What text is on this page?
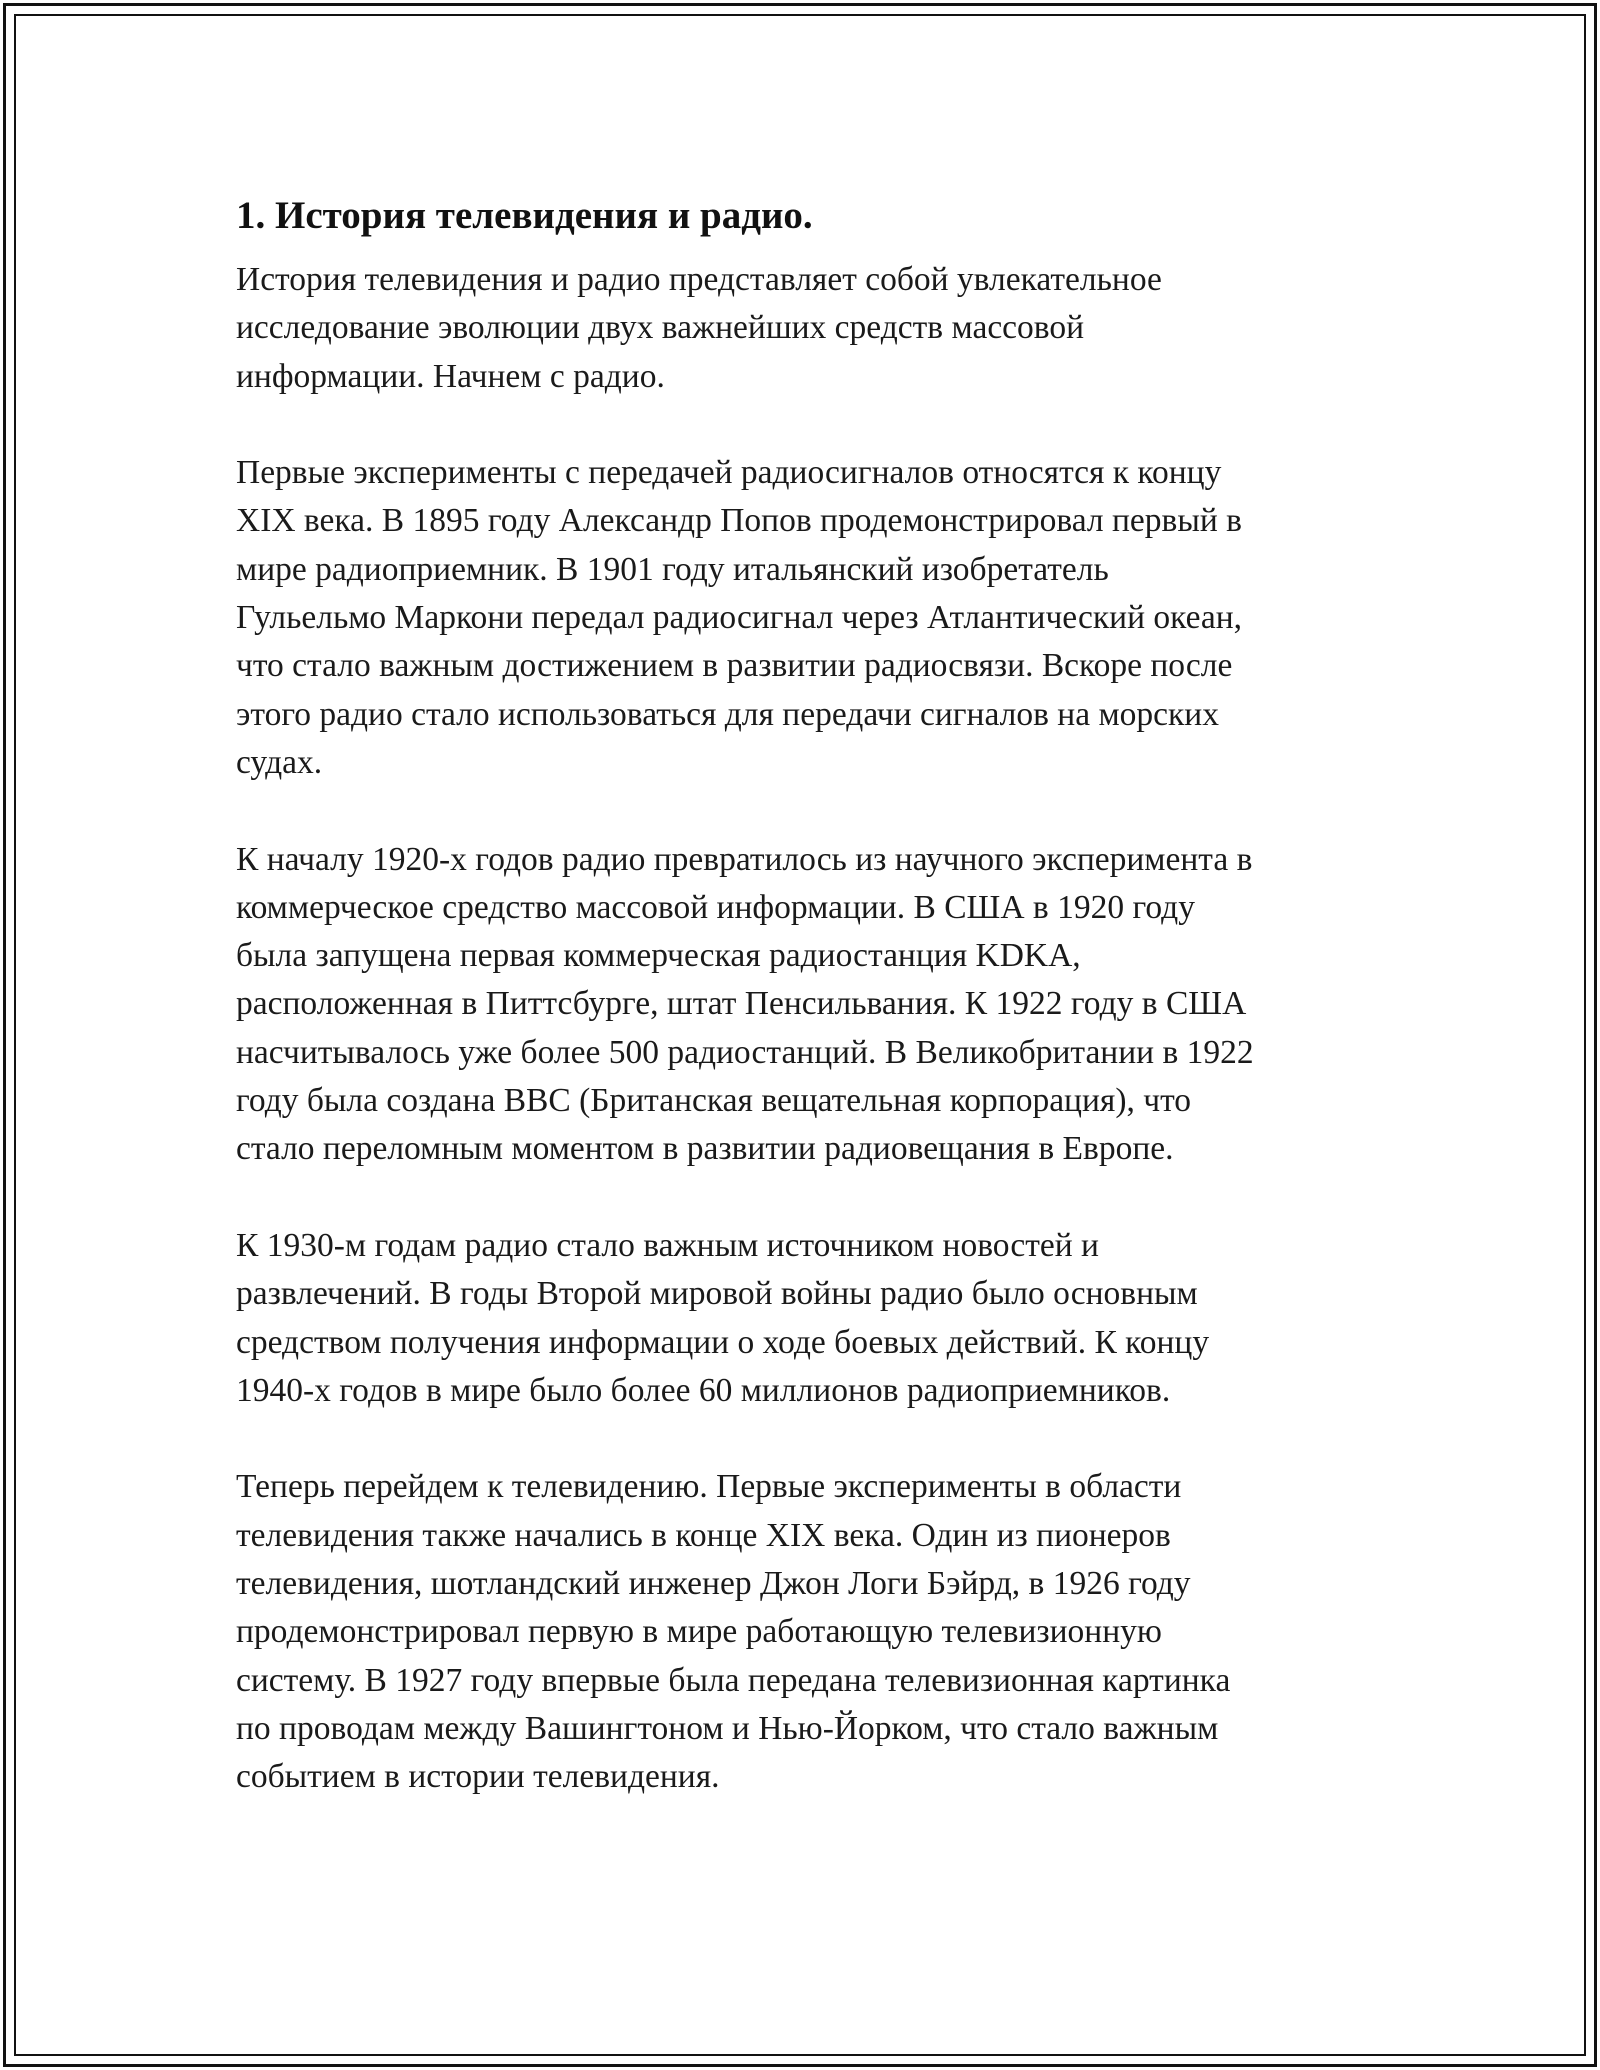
1. История телевидения и радио.

История телевидения и радио представляет собой увлекательное
исследование эволюции двух важнейших средств массовой
информации. Начнем с радио.

Первые эксперименты с передачей радиосигналов относятся к концу
XIX века. В 1895 году Александр Попов продемонстрировал первый в
мире радиоприемник. В 1901 году итальянский изобретатель
Гульельмо Маркони передал радиосигнал через Атлантический океан,
что стало важным достижением в развитии радиосвязи. Вскоре после
этого радио стало использоваться для передачи сигналов на морских
судах.

К началу 1920-х годов радио превратилось из научного эксперимента в
коммерческое средство массовой информации. В США в 1920 году
была запущена первая коммерческая радиостанция KDKA,
расположенная в Питтсбурге, штат Пенсильвания. К 1922 году в США
насчитывалось уже более 500 радиостанций. В Великобритании в 1922
году была создана BBC (Британская вещательная корпорация), что
стало переломным моментом в развитии радиовещания в Европе.

К 1930-м годам радио стало важным источником новостей и
развлечений. В годы Второй мировой войны радио было основным
средством получения информации о ходе боевых действий. К концу
1940-х годов в мире было более 60 миллионов радиоприемников.

Теперь перейдем к телевидению. Первые эксперименты в области
телевидения также начались в конце XIX века. Один из пионеров
телевидения, шотландский инженер Джон Логи Бэйрд, в 1926 году
продемонстрировал первую в мире работающую телевизионную
систему. В 1927 году впервые была передана телевизионная картинка
по проводам между Вашингтоном и Нью-Йорком, что стало важным
событием в истории телевидения.
